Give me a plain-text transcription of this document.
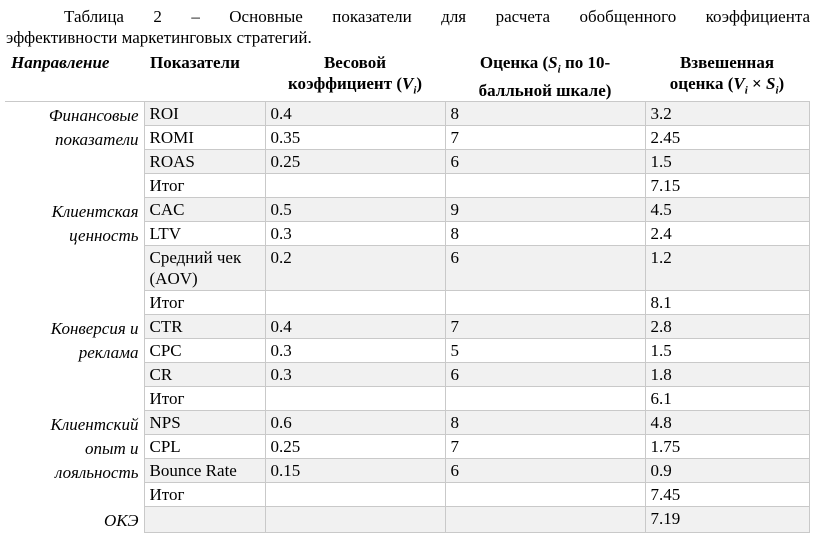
Таблица 2 – Основные показатели для расчета обобщенного коэффициента
эффективности маркетинговых стратегий.
Направление	Показатели	Весовой
коэффициент $(V_i)$	Оценка ($S_i$ по 10-
балльной шкале)	Взвешенная
оценка $(V_i \times S_i)$
Финансовые
показатели	ROI	0.4	8	3.2
	ROMI	0.35	7	2.45
	ROAS	0.25	6	1.5
	Итог			7.15
Клиентская
ценность	CAC	0.5	9	4.5
	LTV	0.3	8	2.4
	Средний чек (AOV)	0.2	6	1.2
	Итог			8.1
Конверсия и
реклама	CTR	0.4	7	2.8
	CPC	0.3	5	1.5
	CR	0.3	6	1.8
	Итог			6.1
Клиентский
опыт и
лояльность	NPS	0.6	8	4.8
	CPL	0.25	7	1.75
	Bounce Rate	0.15	6	0.9
	Итог			7.45
ОКЭ				7.19
